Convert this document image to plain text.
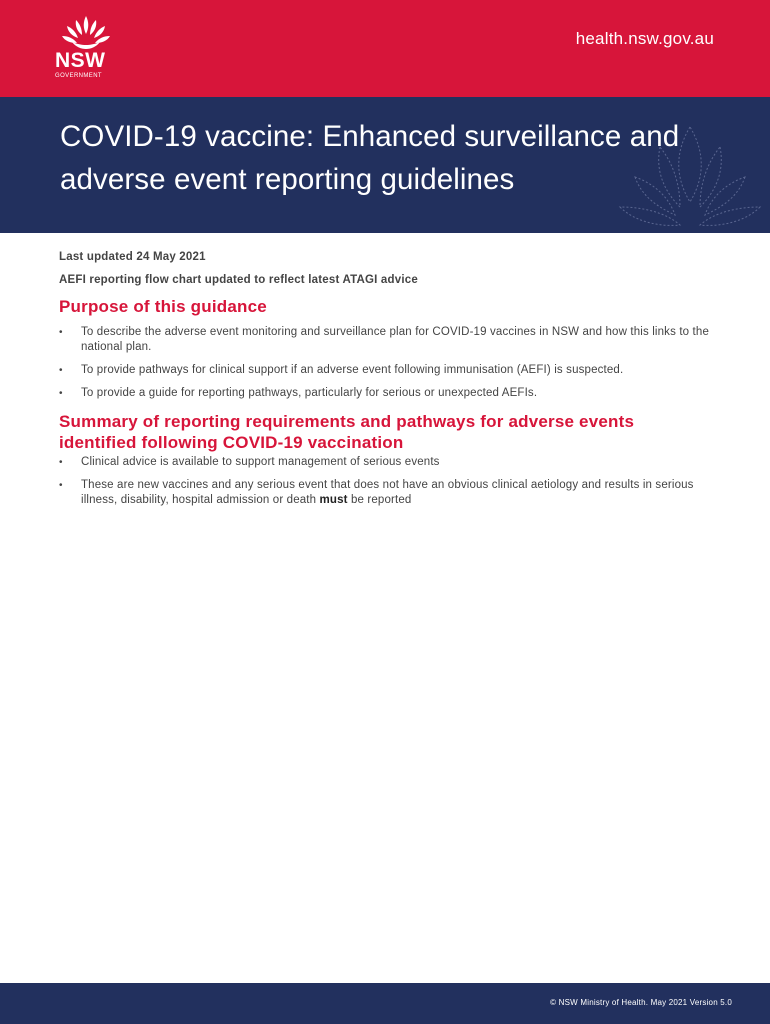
NSW
GOVERNMENT
health.nsw.gov.au
COVID-19 vaccine: Enhanced surveillance and adverse event reporting guidelines
Last updated 24 May 2021
AEFI reporting flow chart updated to reflect latest ATAGI advice
Purpose of this guidance
• To describe the adverse event monitoring and surveillance plan for COVID-19 vaccines in NSW and how this links to the national plan.
• To provide pathways for clinical support if an adverse event following immunisation (AEFI) is suspected.
• To provide a guide for reporting pathways, particularly for serious or unexpected AEFIs.
Summary of reporting requirements and pathways for adverse events identified following COVID-19 vaccination
• Clinical advice is available to support management of serious events
• These are new vaccines and any serious event that does not have an obvious clinical aetiology and results in serious illness, disability, hospital admission or death must be reported
© NSW Ministry of Health. May 2021 Version 5.0
